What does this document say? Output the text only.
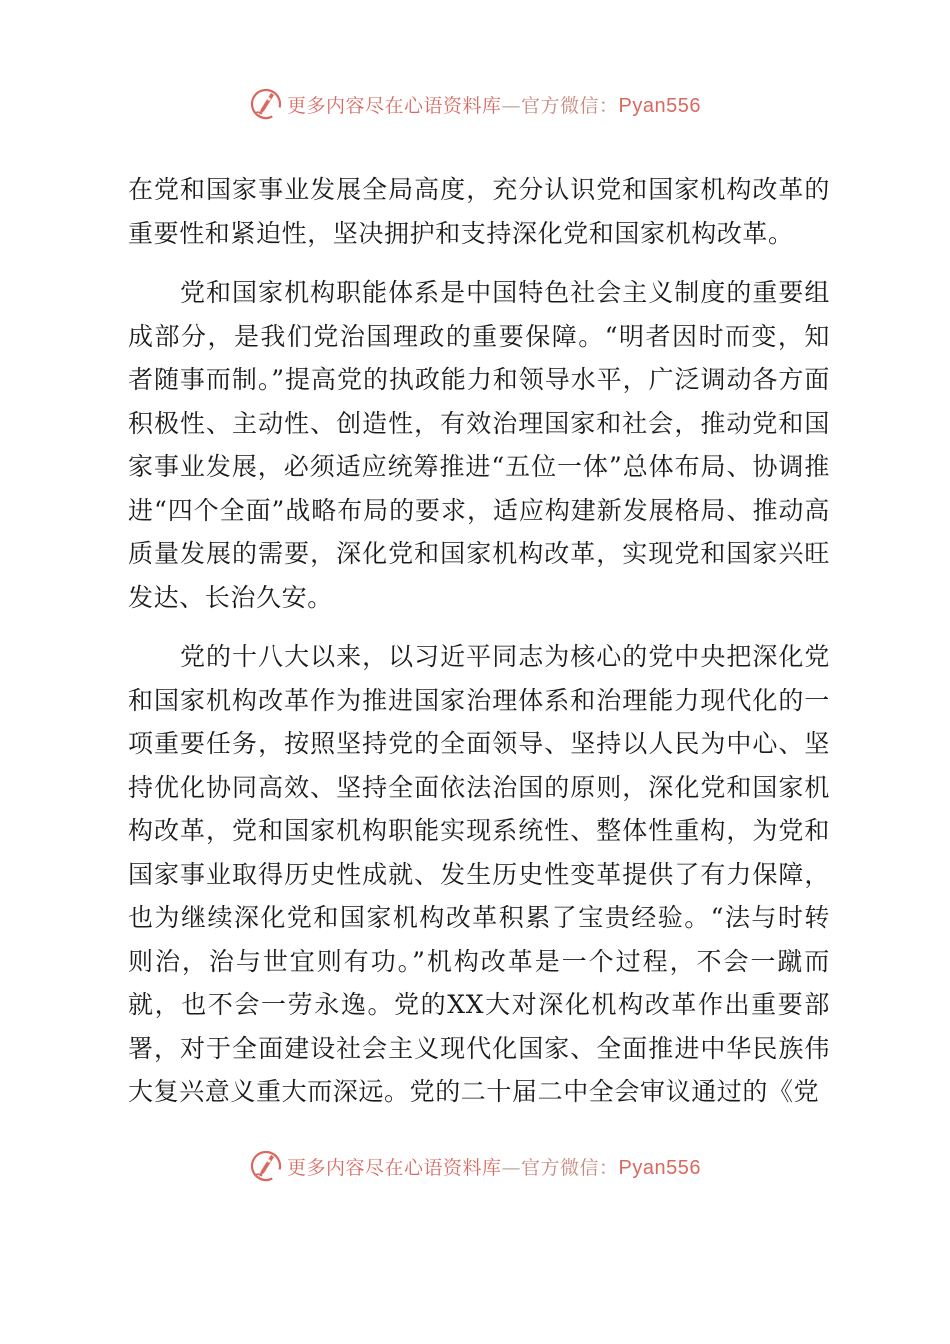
更多内容尽在心语资料库—官方微信：Pyan556

在党和国家事业发展全局高度，充分认识党和国家机构改革的重要性和紧迫性，坚决拥护和支持深化党和国家机构改革。

党和国家机构职能体系是中国特色社会主义制度的重要组成部分，是我们党治国理政的重要保障。“明者因时而变，知者随事而制。”提高党的执政能力和领导水平，广泛调动各方面积极性、主动性、创造性，有效治理国家和社会，推动党和国家事业发展，必须适应统筹推进“五位一体”总体布局、协调推进“四个全面”战略布局的要求，适应构建新发展格局、推动高质量发展的需要，深化党和国家机构改革，实现党和国家兴旺发达、长治久安。

党的十八大以来，以习近平同志为核心的党中央把深化党和国家机构改革作为推进国家治理体系和治理能力现代化的一项重要任务，按照坚持党的全面领导、坚持以人民为中心、坚持优化协同高效、坚持全面依法治国的原则，深化党和国家机构改革，党和国家机构职能实现系统性、整体性重构，为党和国家事业取得历史性成就、发生历史性变革提供了有力保障，也为继续深化党和国家机构改革积累了宝贵经验。“法与时转则治，治与世宜则有功。”机构改革是一个过程，不会一蹴而就，也不会一劳永逸。党的XX大对深化机构改革作出重要部署，对于全面建设社会主义现代化国家、全面推进中华民族伟大复兴意义重大而深远。党的二十届二中全会审议通过的《党

更多内容尽在心语资料库—官方微信：Pyan556
